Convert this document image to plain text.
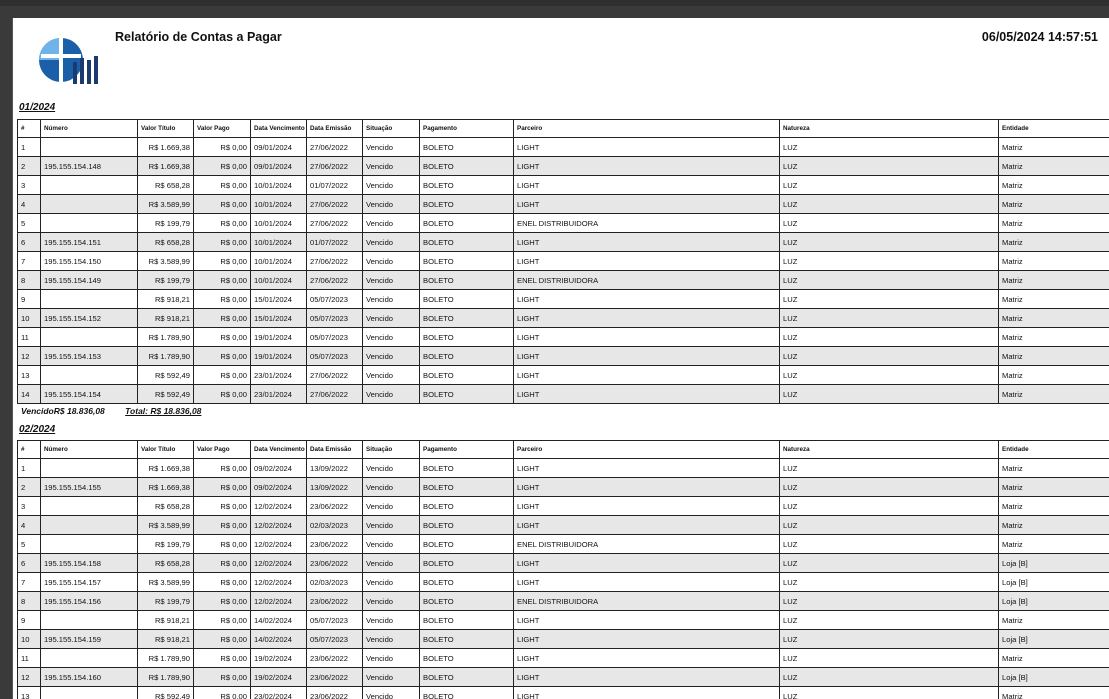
Relatório de Contas a Pagar	06/05/2024 14:57:51
01/2024
#	Número	Valor Título	Valor Pago	Data Vencimento	Data Emissão	Situação	Pagamento	Parceiro	Natureza	Entidade
1		R$ 1.669,38	R$ 0,00	09/01/2024	27/06/2022	Vencido	BOLETO	LIGHT	LUZ	Matriz
2	195.155.154.148	R$ 1.669,38	R$ 0,00	09/01/2024	27/06/2022	Vencido	BOLETO	LIGHT	LUZ	Matriz
3		R$ 658,28	R$ 0,00	10/01/2024	01/07/2022	Vencido	BOLETO	LIGHT	LUZ	Matriz
4		R$ 3.589,99	R$ 0,00	10/01/2024	27/06/2022	Vencido	BOLETO	LIGHT	LUZ	Matriz
5		R$ 199,79	R$ 0,00	10/01/2024	27/06/2022	Vencido	BOLETO	ENEL DISTRIBUIDORA	LUZ	Matriz
6	195.155.154.151	R$ 658,28	R$ 0,00	10/01/2024	01/07/2022	Vencido	BOLETO	LIGHT	LUZ	Matriz
7	195.155.154.150	R$ 3.589,99	R$ 0,00	10/01/2024	27/06/2022	Vencido	BOLETO	LIGHT	LUZ	Matriz
8	195.155.154.149	R$ 199,79	R$ 0,00	10/01/2024	27/06/2022	Vencido	BOLETO	ENEL DISTRIBUIDORA	LUZ	Matriz
9		R$ 918,21	R$ 0,00	15/01/2024	05/07/2023	Vencido	BOLETO	LIGHT	LUZ	Matriz
10	195.155.154.152	R$ 918,21	R$ 0,00	15/01/2024	05/07/2023	Vencido	BOLETO	LIGHT	LUZ	Matriz
11		R$ 1.789,90	R$ 0,00	19/01/2024	05/07/2023	Vencido	BOLETO	LIGHT	LUZ	Matriz
12	195.155.154.153	R$ 1.789,90	R$ 0,00	19/01/2024	05/07/2023	Vencido	BOLETO	LIGHT	LUZ	Matriz
13		R$ 592,49	R$ 0,00	23/01/2024	27/06/2022	Vencido	BOLETO	LIGHT	LUZ	Matriz
14	195.155.154.154	R$ 592,49	R$ 0,00	23/01/2024	27/06/2022	Vencido	BOLETO	LIGHT	LUZ	Matriz
VencidoR$ 18.836,08 Total: R$ 18.836,08
02/2024
#	Número	Valor Título	Valor Pago	Data Vencimento	Data Emissão	Situação	Pagamento	Parceiro	Natureza	Entidade
1		R$ 1.669,38	R$ 0,00	09/02/2024	13/09/2022	Vencido	BOLETO	LIGHT	LUZ	Matriz
2	195.155.154.155	R$ 1.669,38	R$ 0,00	09/02/2024	13/09/2022	Vencido	BOLETO	LIGHT	LUZ	Matriz
3		R$ 658,28	R$ 0,00	12/02/2024	23/06/2022	Vencido	BOLETO	LIGHT	LUZ	Matriz
4		R$ 3.589,99	R$ 0,00	12/02/2024	02/03/2023	Vencido	BOLETO	LIGHT	LUZ	Matriz
5		R$ 199,79	R$ 0,00	12/02/2024	23/06/2022	Vencido	BOLETO	ENEL DISTRIBUIDORA	LUZ	Matriz
6	195.155.154.158	R$ 658,28	R$ 0,00	12/02/2024	23/06/2022	Vencido	BOLETO	LIGHT	LUZ	Loja [B]
7	195.155.154.157	R$ 3.589,99	R$ 0,00	12/02/2024	02/03/2023	Vencido	BOLETO	LIGHT	LUZ	Loja [B]
8	195.155.154.156	R$ 199,79	R$ 0,00	12/02/2024	23/06/2022	Vencido	BOLETO	ENEL DISTRIBUIDORA	LUZ	Loja [B]
9		R$ 918,21	R$ 0,00	14/02/2024	05/07/2023	Vencido	BOLETO	LIGHT	LUZ	Matriz
10	195.155.154.159	R$ 918,21	R$ 0,00	14/02/2024	05/07/2023	Vencido	BOLETO	LIGHT	LUZ	Loja [B]
11		R$ 1.789,90	R$ 0,00	19/02/2024	23/06/2022	Vencido	BOLETO	LIGHT	LUZ	Matriz
12	195.155.154.160	R$ 1.789,90	R$ 0,00	19/02/2024	23/06/2022	Vencido	BOLETO	LIGHT	LUZ	Loja [B]
13		R$ 592,49	R$ 0,00	23/02/2024	23/06/2022	Vencido	BOLETO	LIGHT	LUZ	Matriz
